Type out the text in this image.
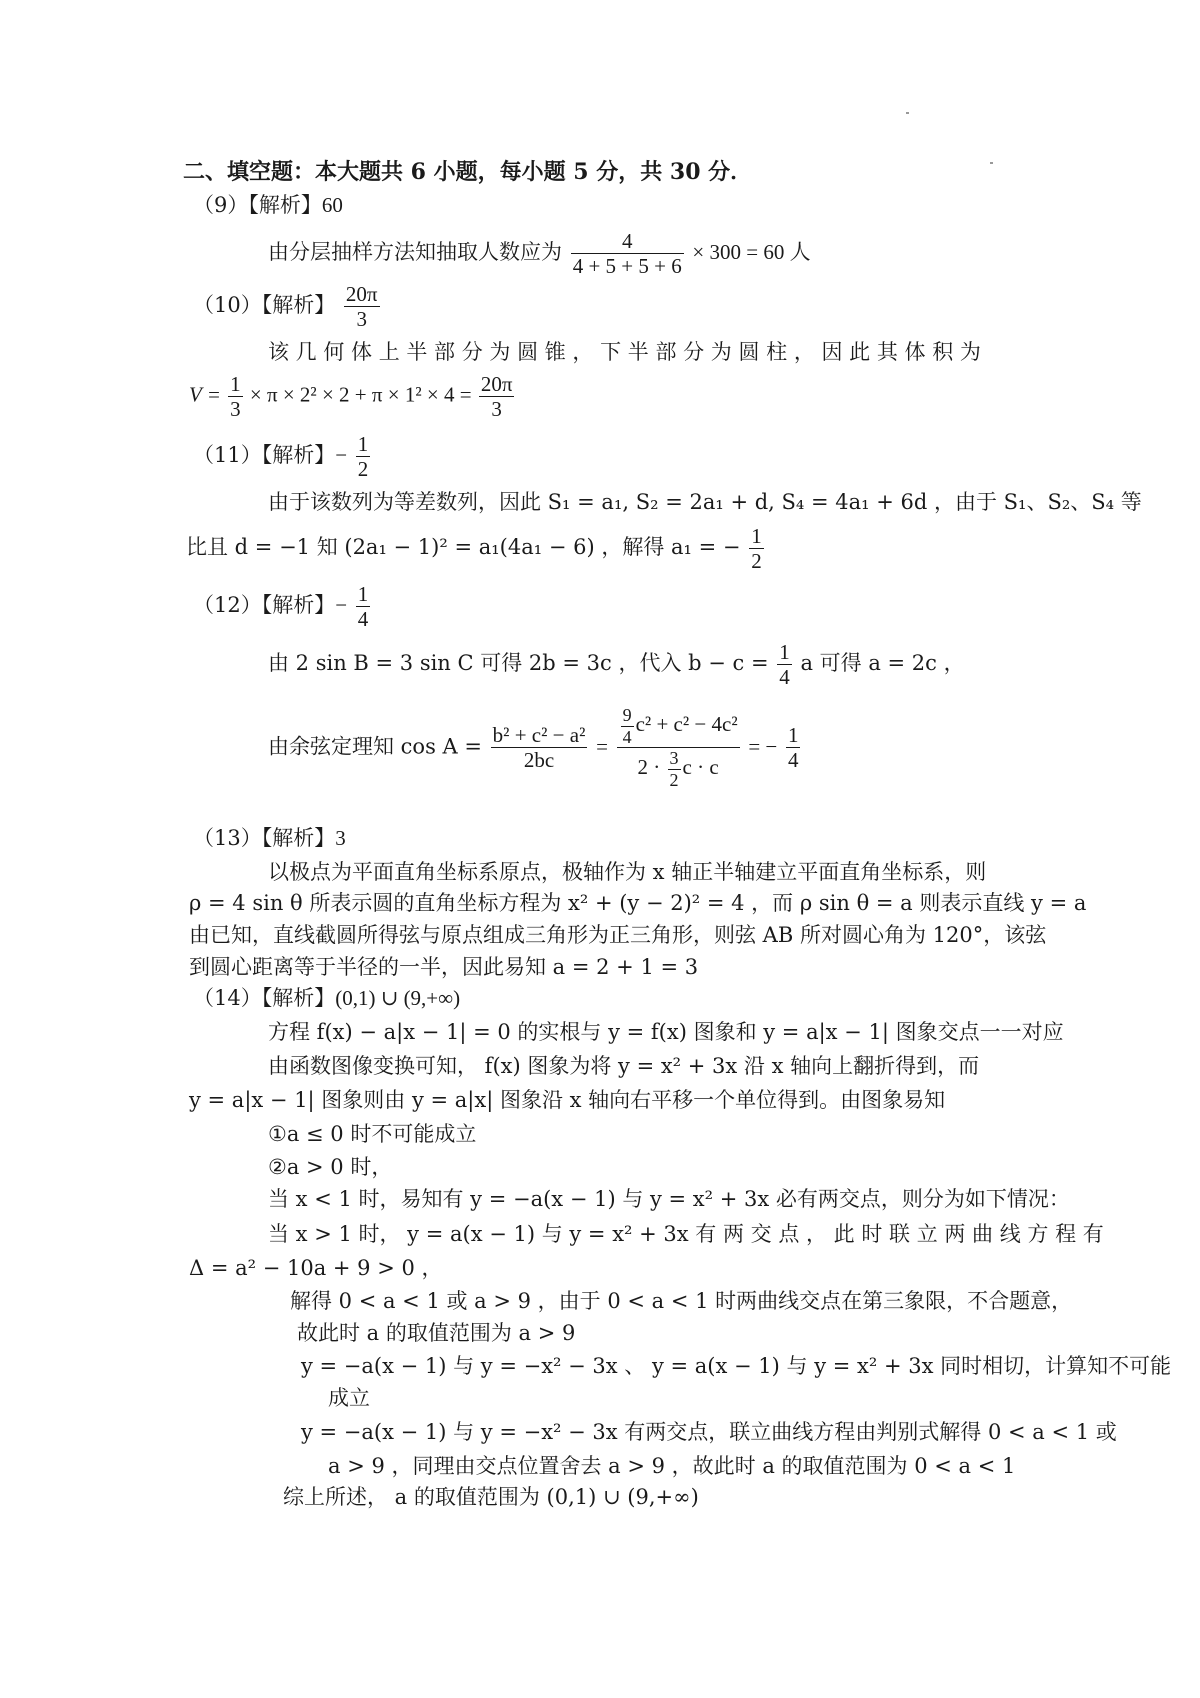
二、填空题：本大题共 6 小题，每小题 5 分，共 30 分．
（9）【解析】60
由分层抽样方法知抽取人数应为 $\frac{4}{4 + 5 + 5 + 6} \times 300 = 60$ 人
（10）【解析】 $\frac{20\pi}{3}$
该 几 何 体 上 半 部 分 为 圆 锥 ， 下 半 部 分 为 圆 柱 ， 因 此 其 体 积 为
$V = \frac{1}{3} \times \pi \times 2^2 \times 2 + \pi \times 1^2 \times 4 = \frac{20\pi}{3}$
（11）【解析】− $\frac{1}{2}$
由于该数列为等差数列，因此 S₁ = a₁, S₂ = 2a₁ + d, S₄ = 4a₁ + 6d ，由于 S₁、S₂、S₄ 等
比且 d = −1 知 (2a₁ − 1)² = a₁(4a₁ − 6) ，解得 a₁ = − $\frac{1}{2}$
（12）【解析】− $\frac{1}{4}$
由 2 sin B = 3 sin C 可得 2b = 3c ，代入 $b - c = \frac{1}{4}$ a 可得 a = 2c ，
由余弦定理知 $\cos A = \frac{\text{b² + c² − a²}}{2bc} = \frac{\frac{9}{4} c^2 + c^2 - 4c^2}{2 \cdot \frac{3}{2} c \cdot c}$ = − $\frac{1}{4}$
（13）【解析】3
以极点为平面直角坐标系原点，极轴作为 x 轴正半轴建立平面直角坐标系，则
ρ = 4 sin θ 所表示圆的直角坐标方程为 x² + (y − 2)² = 4 ，而 ρ sin θ = a 则表示直线 y = a
由已知，直线截圆所得弦与原点组成三角形为正三角形，则弦 AB 所对圆心角为 120°，该弦
到圆心距离等于半径的一半，因此易知 a = 2 + 1 = 3
（14）【解析】(0,1) ∪ (9,+∞)
方程 f(x) − a|x − 1| = 0 的实根与 y = f(x) 图象和 y = a|x − 1| 图象交点一一对应
由函数图像变换可知， f(x) 图象为将 y = x² + 3x 沿 x 轴向上翻折得到，而
y = a|x − 1| 图象则由 y = a|x| 图象沿 x 轴向右平移一个单位得到。由图象易知
①a ≤ 0 时不可能成立
②a > 0 时，
当 x < 1 时，易知有 y = −a(x − 1) 与 y = x² + 3x 必有两交点，则分为如下情况：
当 x > 1 时， y = a(x − 1) 与 y = x² + 3x 有 两 交 点 ， 此 时 联 立 两 曲 线 方 程 有
Δ = a² − 10a + 9 > 0 ，
解得 0 < a < 1 或 a > 9 ，由于 0 < a < 1 时两曲线交点在第三象限，不合题意，
故此时 a 的取值范围为 a > 9
y = −a(x − 1) 与 y = −x² − 3x 、 y = a(x − 1) 与 y = x² + 3x 同时相切，计算知不可能
成立
y = −a(x − 1) 与 y = −x² − 3x 有两交点，联立曲线方程由判别式解得 0 < a < 1 或
a > 9 ，同理由交点位置舍去 a > 9 ，故此时 a 的取值范围为 0 < a < 1
综上所述， a 的取值范围为 (0,1) ∪ (9,+∞)
